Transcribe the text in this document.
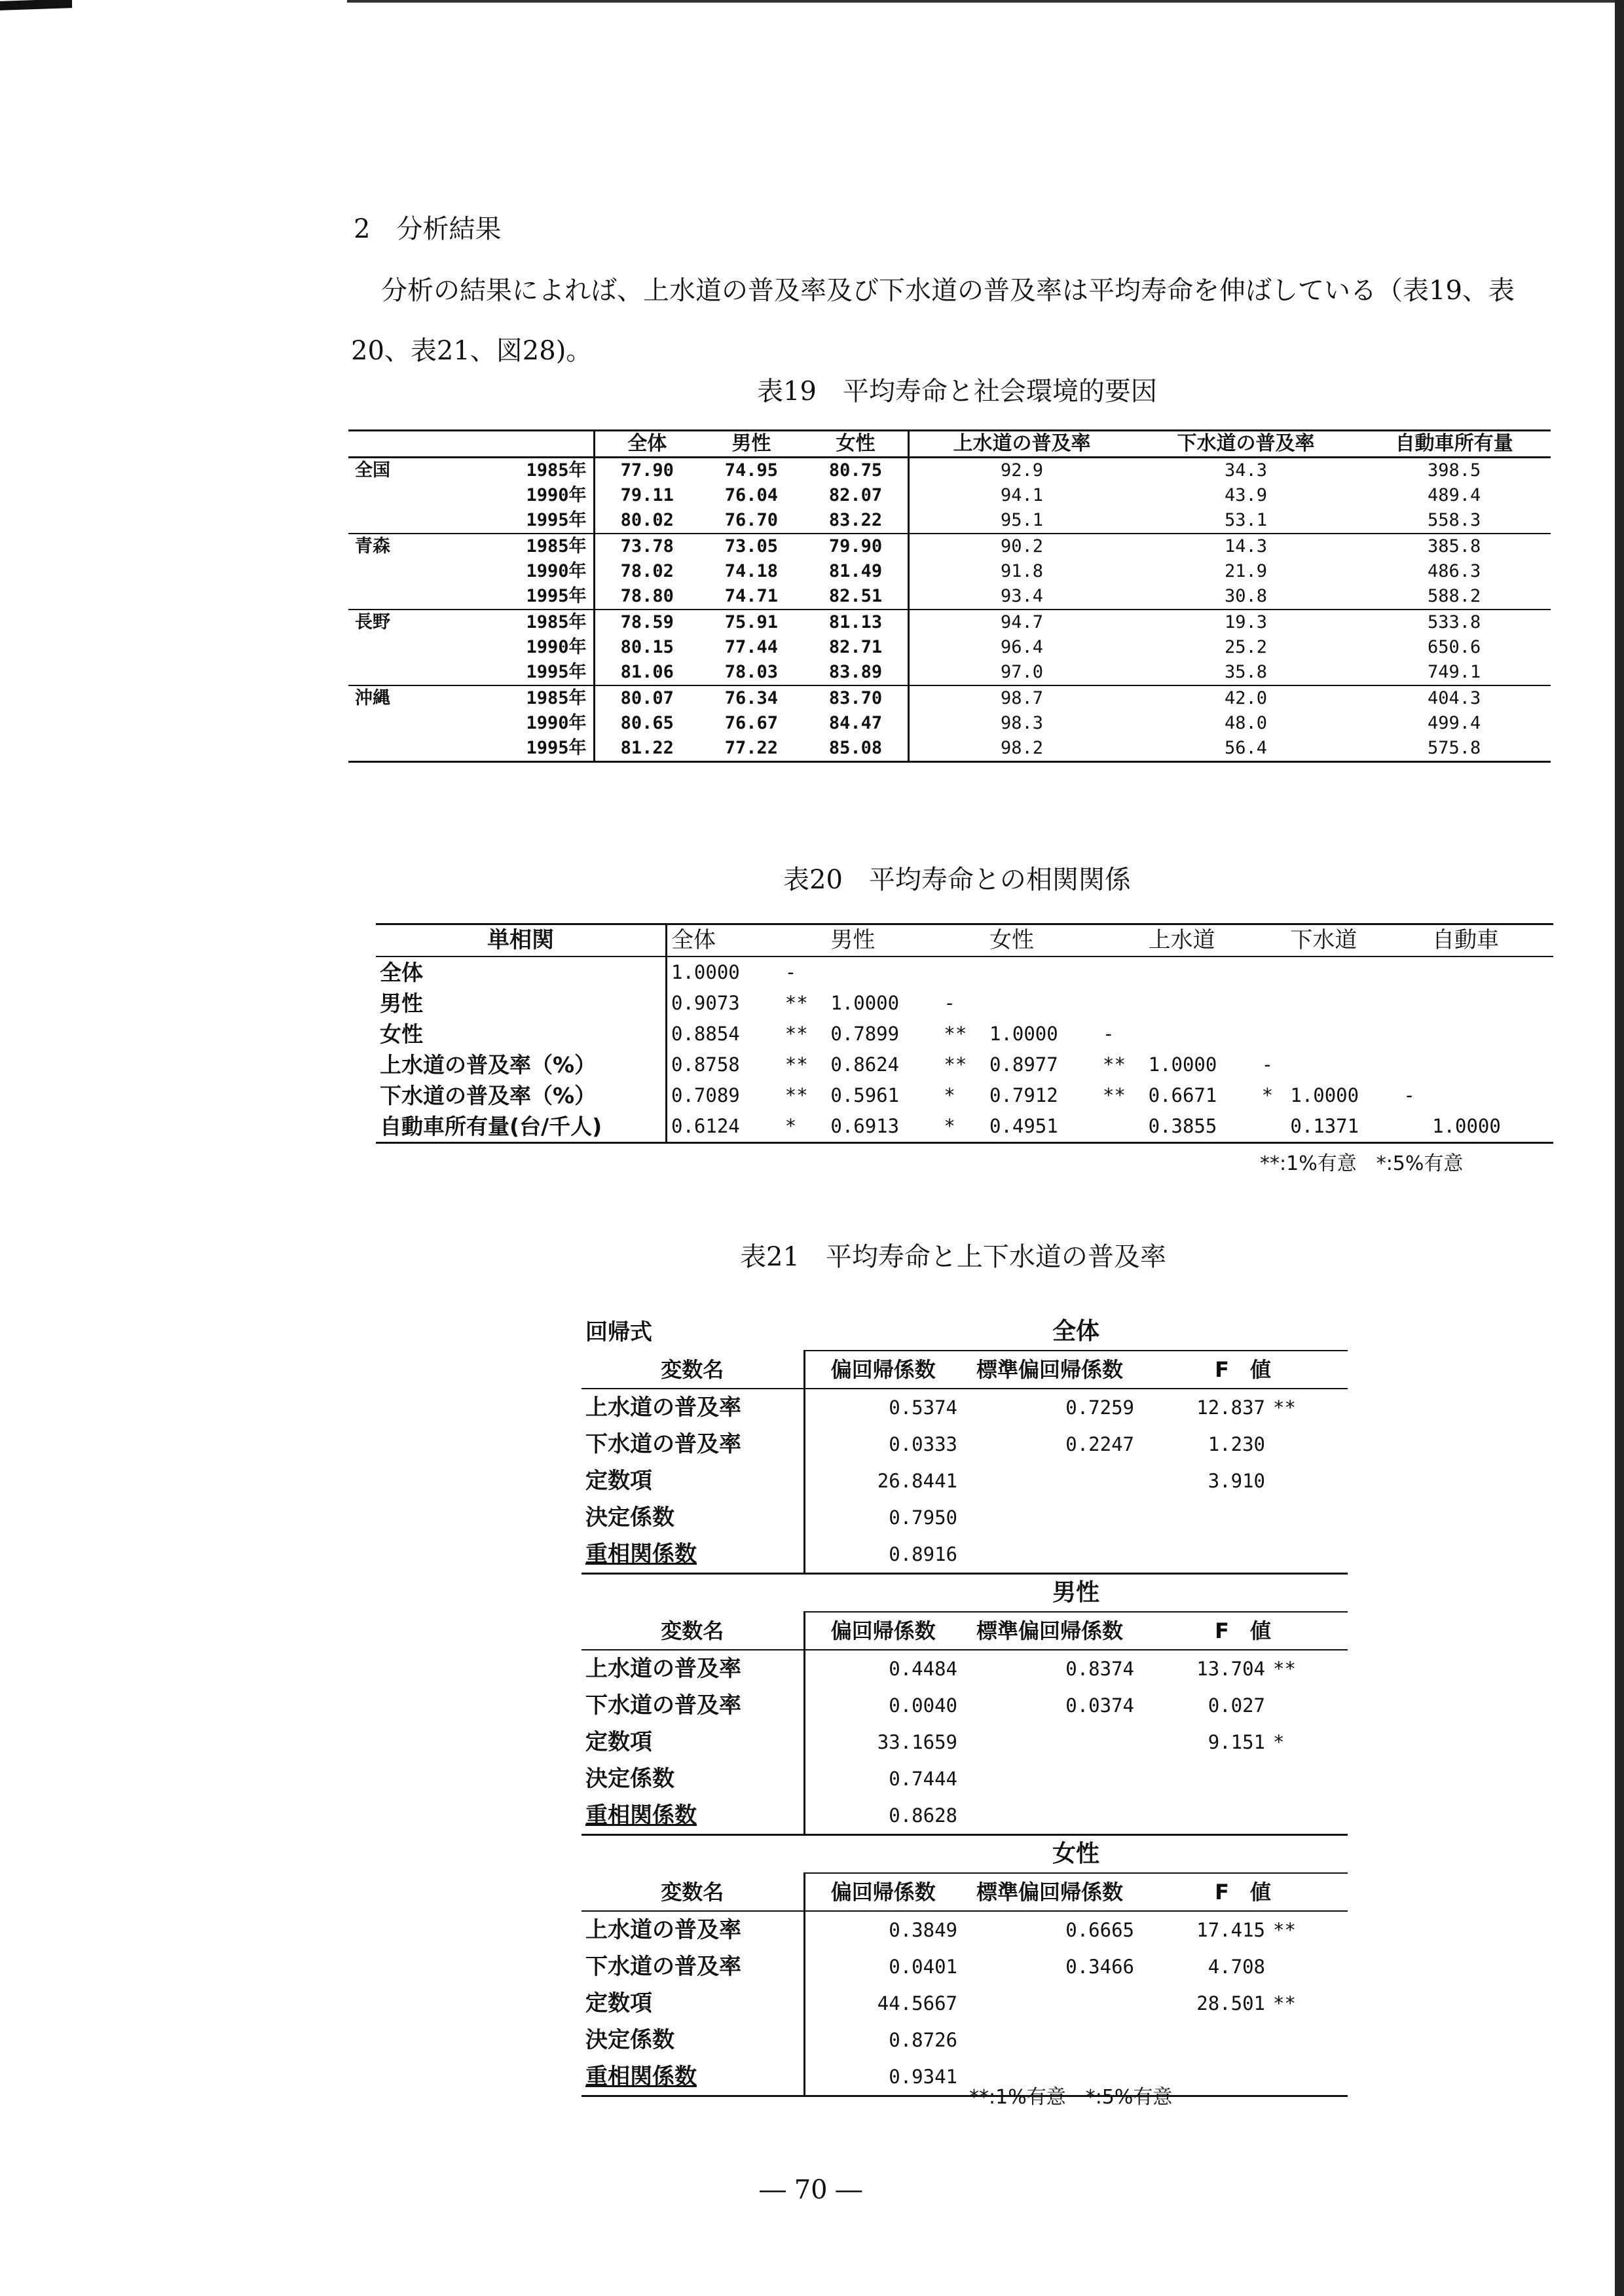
2　分析結果
分析の結果によれば、上水道の普及率及び下水道の普及率は平均寿命を伸ばしている（表19、表
20、表21、図28)。
表19　平均寿命と社会環境的要因
		全体	男性	女性	上水道の普及率	下水道の普及率	自動車所有量
全国	1985年	77.90	74.95	80.75	92.9	34.3	398.5
	1990年	79.11	76.04	82.07	94.1	43.9	489.4
	1995年	80.02	76.70	83.22	95.1	53.1	558.3
青森	1985年	73.78	73.05	79.90	90.2	14.3	385.8
	1990年	78.02	74.18	81.49	91.8	21.9	486.3
	1995年	78.80	74.71	82.51	93.4	30.8	588.2
長野	1985年	78.59	75.91	81.13	94.7	19.3	533.8
	1990年	80.15	77.44	82.71	96.4	25.2	650.6
	1995年	81.06	78.03	83.89	97.0	35.8	749.1
沖縄	1985年	80.07	76.34	83.70	98.7	42.0	404.3
	1990年	80.65	76.67	84.47	98.3	48.0	499.4
	1995年	81.22	77.22	85.08	98.2	56.4	575.8
表20　平均寿命との相関関係
単相関	全体		男性		女性		上水道		下水道		自動車	
全体	1.0000	-										
男性	0.9073	**	1.0000	-								
女性	0.8854	**	0.7899	**	1.0000	-						
上水道の普及率（%）	0.8758	**	0.8624	**	0.8977	**	1.0000	-				
下水道の普及率（%）	0.7089	**	0.5961	*	0.7912	**	0.6671	*	1.0000	-		
自動車所有量(台/千人)	0.6124	*	0.6913	*	0.4951		0.3855		0.1371		1.0000	
**:1%有意　*:5%有意
表21　平均寿命と上下水道の普及率
回帰式	全体			
変数名	偏回帰係数	標準偏回帰係数	F　値	
上水道の普及率	0.5374	0.7259	12.837	**
下水道の普及率	0.0333	0.2247	1.230	
定数項	26.8441		3.910	
決定係数	0.7950			
重相関係数	0.8916			
	男性			
変数名	偏回帰係数	標準偏回帰係数	F　値	
上水道の普及率	0.4484	0.8374	13.704	**
下水道の普及率	0.0040	0.0374	0.027	
定数項	33.1659		9.151	*
決定係数	0.7444			
重相関係数	0.8628			
	女性			
変数名	偏回帰係数	標準偏回帰係数	F　値	
上水道の普及率	0.3849	0.6665	17.415	**
下水道の普及率	0.0401	0.3466	4.708	
定数項	44.5667		28.501	**
決定係数	0.8726			
重相関係数	0.9341			
**:1%有意　*:5%有意
― 70 ―
